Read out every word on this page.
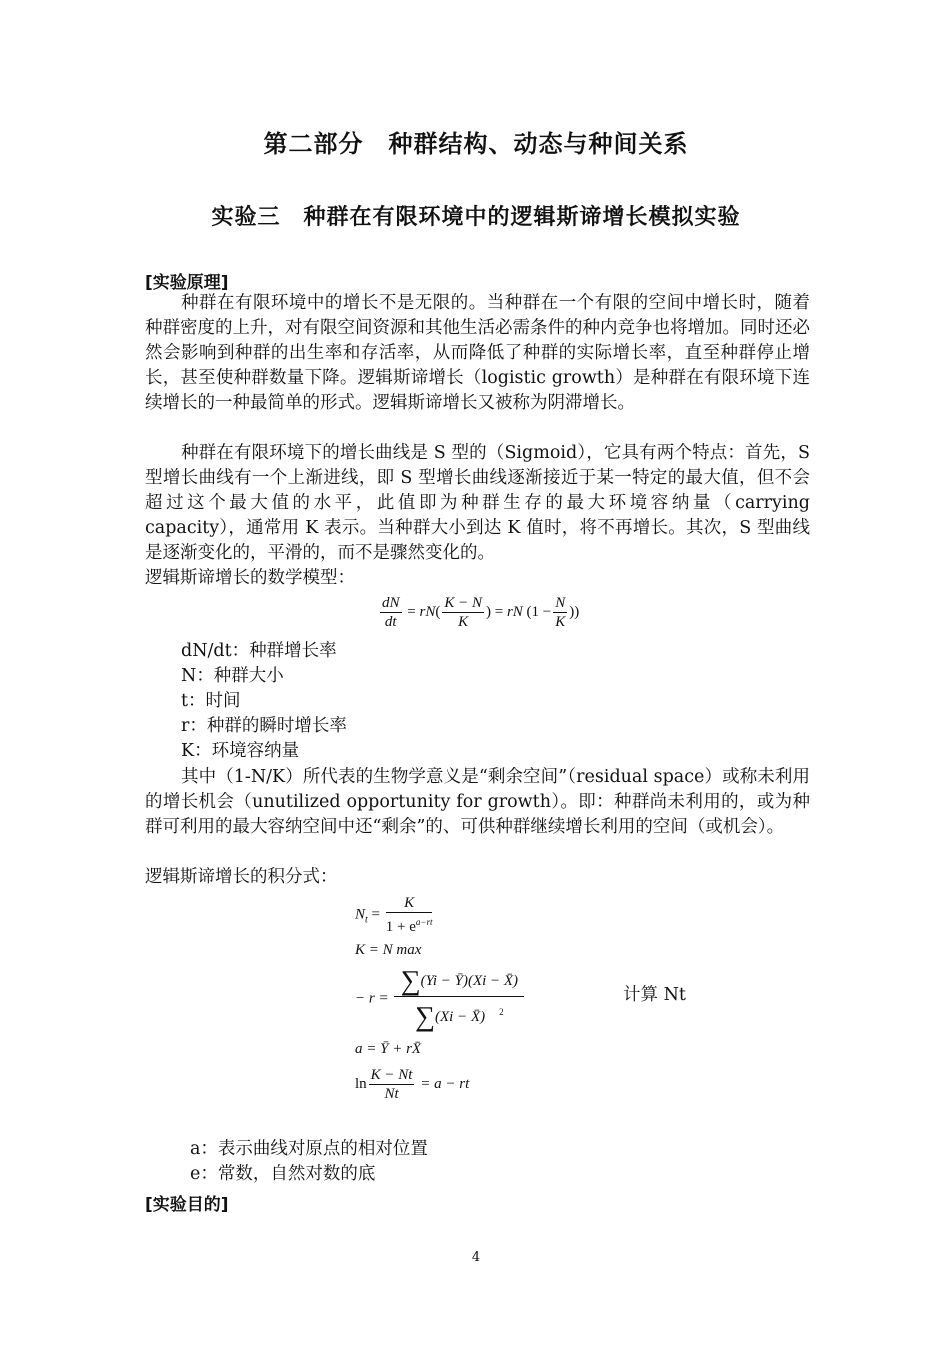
第二部分　种群结构、动态与种间关系
实验三　种群在有限环境中的逻辑斯谛增长模拟实验
[实验原理]

种群在有限环境中的增长不是无限的。当种群在一个有限的空间中增长时，随着种群密度的上升，对有限空间资源和其他生活必需条件的种内竞争也将增加。同时还必然会影响到种群的出生率和存活率，从而降低了种群的实际增长率，直至种群停止增长，甚至使种群数量下降。逻辑斯谛增长（logistic growth）是种群在有限环境下连续增长的一种最简单的形式。逻辑斯谛增长又被称为阴滞增长。

种群在有限环境下的增长曲线是 S 型的（Sigmoid），它具有两个特点：首先，S 型增长曲线有一个上渐进线，即 S 型增长曲线逐渐接近于某一特定的最大值，但不会超过这个最大值的水平，此值即为种群生存的最大环境容纳量（carrying capacity），通常用 K 表示。当种群大小到达 K 值时，将不再增长。其次，S 型曲线是逐渐变化的，平滑的，而不是骤然变化的。

逻辑斯谛增长的数学模型：
$\frac{dN}{dt} = rN( \frac{K - N}{K}$ ) = rN ($1 - \frac{N}{K}$ ))
dN/dt：种群增长率
N：种群大小
t：时间
r：种群的瞬时增长率
K：环境容纳量

其中（1-N/K）所代表的生物学意义是“剩余空间”（residual space）或称未利用的增长机会（unutilized opportunity for growth）。即：种群尚未利用的，或为种群可利用的最大容纳空间中还“剩余”的、可供种群继续增长利用的空间（或机会）。

逻辑斯谛增长的积分式：
$N_t = \frac{K}{1 + e^{a-rt}}$
K = N max
− $r = \frac{\sum(Yi - Ȳ)(Xi - X̄)}{\sum(Xi - X̄) ^2}$	计算 Nt
a = Ȳ + rX̄
$\ln \frac{K - Nt}{Nt} = a$ − rt
a：表示曲线对原点的相对位置
e：常数，自然对数的底
[实验目的]
4
